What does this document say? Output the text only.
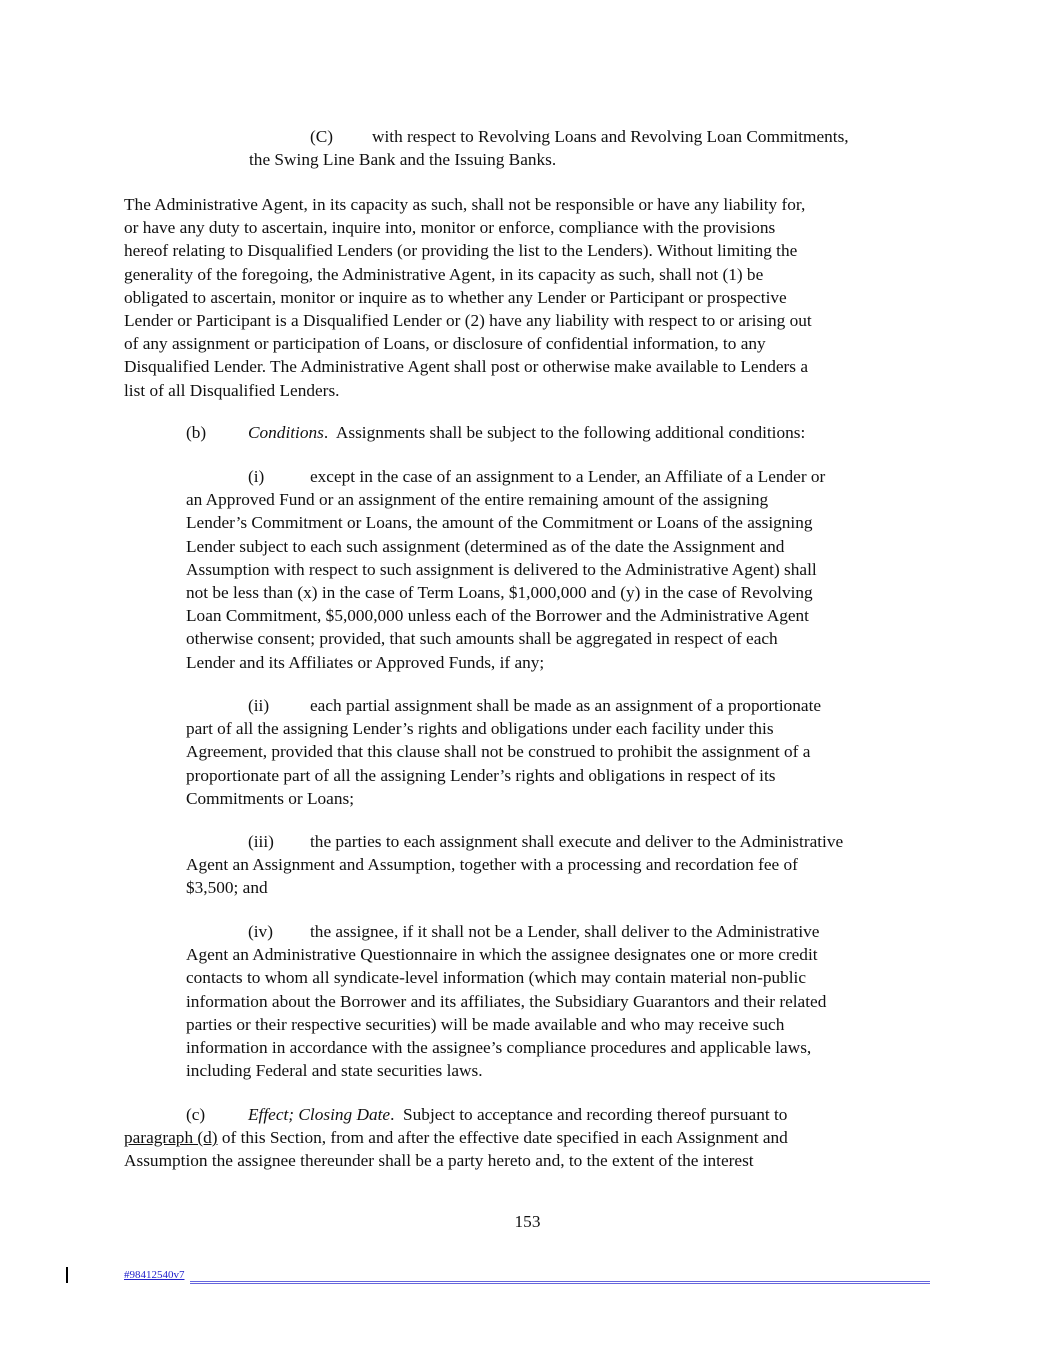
(C) with respect to Revolving Loans and Revolving Loan Commitments,

the Swing Line Bank and the Issuing Banks.
The Administrative Agent, in its capacity as such, shall not be responsible or have any liability for,
or have any duty to ascertain, inquire into, monitor or enforce, compliance with the provisions
hereof relating to Disqualified Lenders (or providing the list to the Lenders). Without limiting the
generality of the foregoing, the Administrative Agent, in its capacity as such, shall not (1) be
obligated to ascertain, monitor or inquire as to whether any Lender or Participant or prospective
Lender or Participant is a Disqualified Lender or (2) have any liability with respect to or arising out
of any assignment or participation of Loans, or disclosure of confidential information, to any
Disqualified Lender. The Administrative Agent shall post or otherwise make available to Lenders a
list of all Disqualified Lenders.
(b) Conditions.  Assignments shall be subject to the following additional conditions:
(i)	except in the case of an assignment to a Lender, an Affiliate of a Lender or
an Approved Fund or an assignment of the entire remaining amount of the assigning
Lender’s Commitment or Loans, the amount of the Commitment or Loans of the assigning
Lender subject to each such assignment (determined as of the date the Assignment and
Assumption with respect to such assignment is delivered to the Administrative Agent) shall
not be less than (x) in the case of Term Loans, $1,000,000 and (y) in the case of Revolving
Loan Commitment, $5,000,000 unless each of the Borrower and the Administrative Agent
otherwise consent; provided, that such amounts shall be aggregated in respect of each
Lender and its Affiliates or Approved Funds, if any;
(ii) each partial assignment shall be made as an assignment of a proportionate
part of all the assigning Lender’s rights and obligations under each facility under this
Agreement, provided that this clause shall not be construed to prohibit the assignment of a
proportionate part of all the assigning Lender’s rights and obligations in respect of its
Commitments or Loans;
(iii) the parties to each assignment shall execute and deliver to the Administrative
Agent an Assignment and Assumption, together with a processing and recordation fee of
$3,500; and
(iv) the assignee, if it shall not be a Lender, shall deliver to the Administrative
Agent an Administrative Questionnaire in which the assignee designates one or more credit
contacts to whom all syndicate-level information (which may contain material non-public
information about the Borrower and its affiliates, the Subsidiary Guarantors and their related
parties or their respective securities) will be made available and who may receive such
information in accordance with the assignee’s compliance procedures and applicable laws,
including Federal and state securities laws.
(c) Effect; Closing Date.  Subject to acceptance and recording thereof pursuant to
paragraph (d) of this Section, from and after the effective date specified in each Assignment and
Assumption the assignee thereunder shall be a party hereto and, to the extent of the interest
153
#98412540v7
